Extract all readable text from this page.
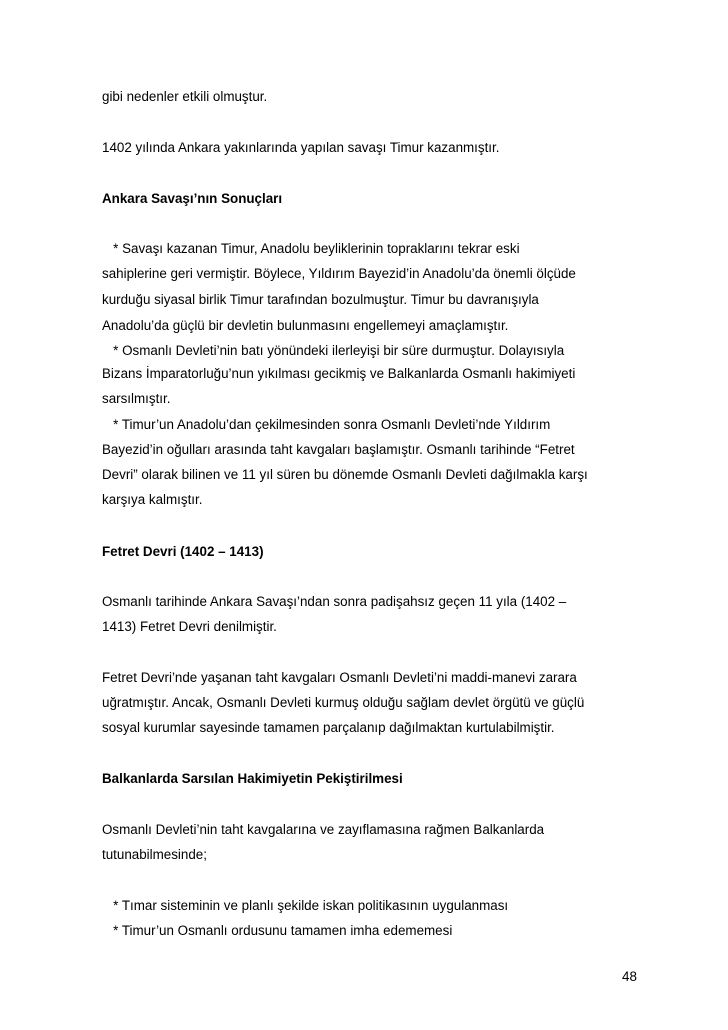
gibi nedenler etkili olmuştur.

1402 yılında Ankara yakınlarında yapılan savaşı Timur kazanmıştır.

Ankara Savaşı’nın Sonuçları

* Savaşı kazanan Timur, Anadolu beyliklerinin topraklarını tekrar eski

sahiplerine geri vermiştir. Böylece, Yıldırım Bayezid’in Anadolu’da önemli ölçüde

kurduğu siyasal birlik Timur tarafından bozulmuştur. Timur bu davranışıyla

Anadolu’da güçlü bir devletin bulunmasını engellemeyi amaçlamıştır.

* Osmanlı Devleti’nin batı yönündeki ilerleyişi bir süre durmuştur. Dolayısıyla

Bizans İmparatorluğu’nun yıkılması gecikmiş ve Balkanlarda Osmanlı hakimiyeti

sarsılmıştır.

* Timur’un Anadolu’dan çekilmesinden sonra Osmanlı Devleti’nde Yıldırım

Bayezid’in oğulları arasında taht kavgaları başlamıştır. Osmanlı tarihinde “Fetret

Devri” olarak bilinen ve 11 yıl süren bu dönemde Osmanlı Devleti dağılmakla karşı

karşıya kalmıştır.

Fetret Devri (1402 – 1413)

Osmanlı tarihinde Ankara Savaşı’ndan sonra padişahsız geçen 11 yıla (1402 –

1413) Fetret Devri denilmiştir.

Fetret Devri’nde yaşanan taht kavgaları Osmanlı Devleti’ni maddi-manevi zarara

uğratmıştır. Ancak, Osmanlı Devleti kurmuş olduğu sağlam devlet örgütü ve güçlü

sosyal kurumlar sayesinde tamamen parçalanıp dağılmaktan kurtulabilmiştir.

Balkanlarda Sarsılan Hakimiyetin Pekiştirilmesi

Osmanlı Devleti’nin taht kavgalarına ve zayıflamasına rağmen Balkanlarda

tutunabilmesinde;

* Tımar sisteminin ve planlı şekilde iskan politikasının uygulanması

* Timur’un Osmanlı ordusunu tamamen imha edememesi

48
